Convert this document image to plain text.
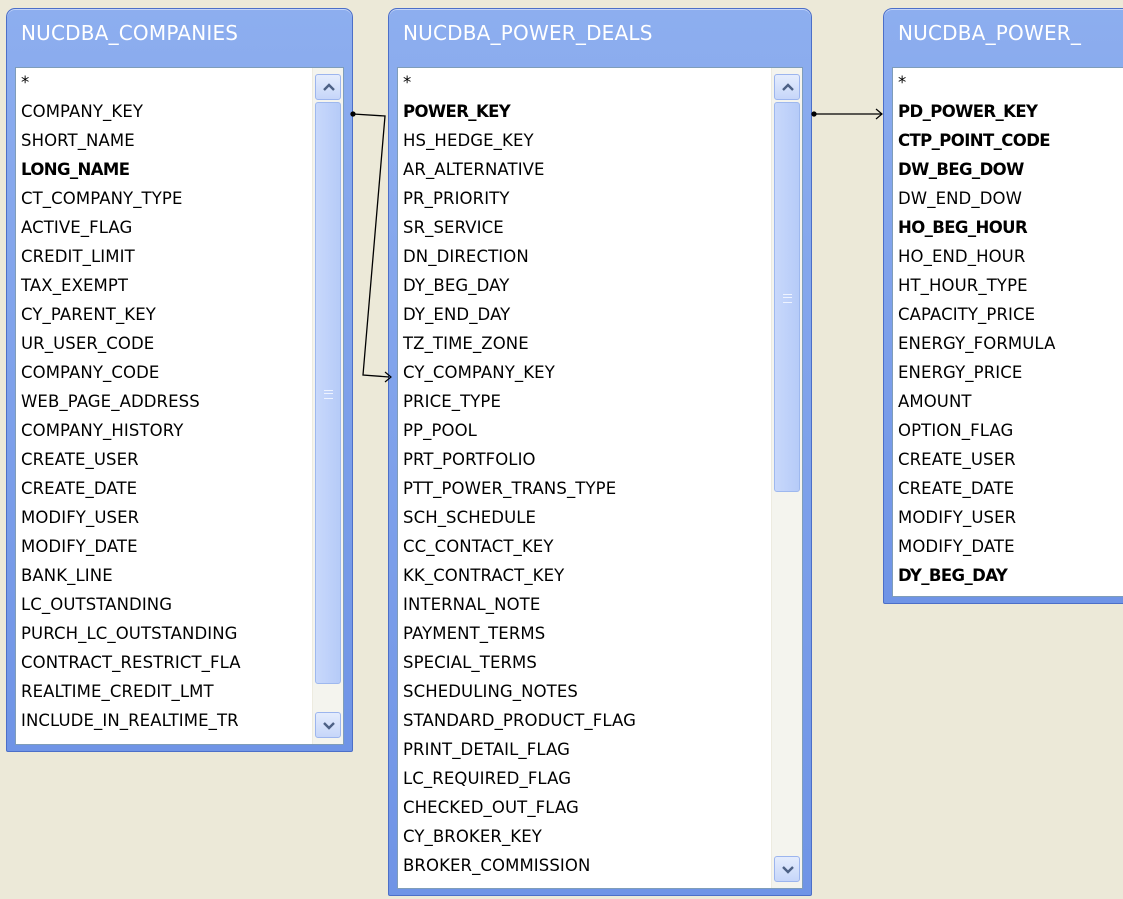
NUCDBA_COMPANIES
*
COMPANY_KEY
SHORT_NAME
LONG_NAME
CT_COMPANY_TYPE
ACTIVE_FLAG
CREDIT_LIMIT
TAX_EXEMPT
CY_PARENT_KEY
UR_USER_CODE
COMPANY_CODE
WEB_PAGE_ADDRESS
COMPANY_HISTORY
CREATE_USER
CREATE_DATE
MODIFY_USER
MODIFY_DATE
BANK_LINE
LC_OUTSTANDING
PURCH_LC_OUTSTANDING
CONTRACT_RESTRICT_FLA
REALTIME_CREDIT_LMT
INCLUDE_IN_REALTIME_TR
NUCDBA_POWER_DEALS
*
POWER_KEY
HS_HEDGE_KEY
AR_ALTERNATIVE
PR_PRIORITY
SR_SERVICE
DN_DIRECTION
DY_BEG_DAY
DY_END_DAY
TZ_TIME_ZONE
CY_COMPANY_KEY
PRICE_TYPE
PP_POOL
PRT_PORTFOLIO
PTT_POWER_TRANS_TYPE
SCH_SCHEDULE
CC_CONTACT_KEY
KK_CONTRACT_KEY
INTERNAL_NOTE
PAYMENT_TERMS
SPECIAL_TERMS
SCHEDULING_NOTES
STANDARD_PRODUCT_FLAG
PRINT_DETAIL_FLAG
LC_REQUIRED_FLAG
CHECKED_OUT_FLAG
CY_BROKER_KEY
BROKER_COMMISSION
NUCDBA_POWER_
*
PD_POWER_KEY
CTP_POINT_CODE
DW_BEG_DOW
DW_END_DOW
HO_BEG_HOUR
HO_END_HOUR
HT_HOUR_TYPE
CAPACITY_PRICE
ENERGY_FORMULA
ENERGY_PRICE
AMOUNT
OPTION_FLAG
CREATE_USER
CREATE_DATE
MODIFY_USER
MODIFY_DATE
DY_BEG_DAY
